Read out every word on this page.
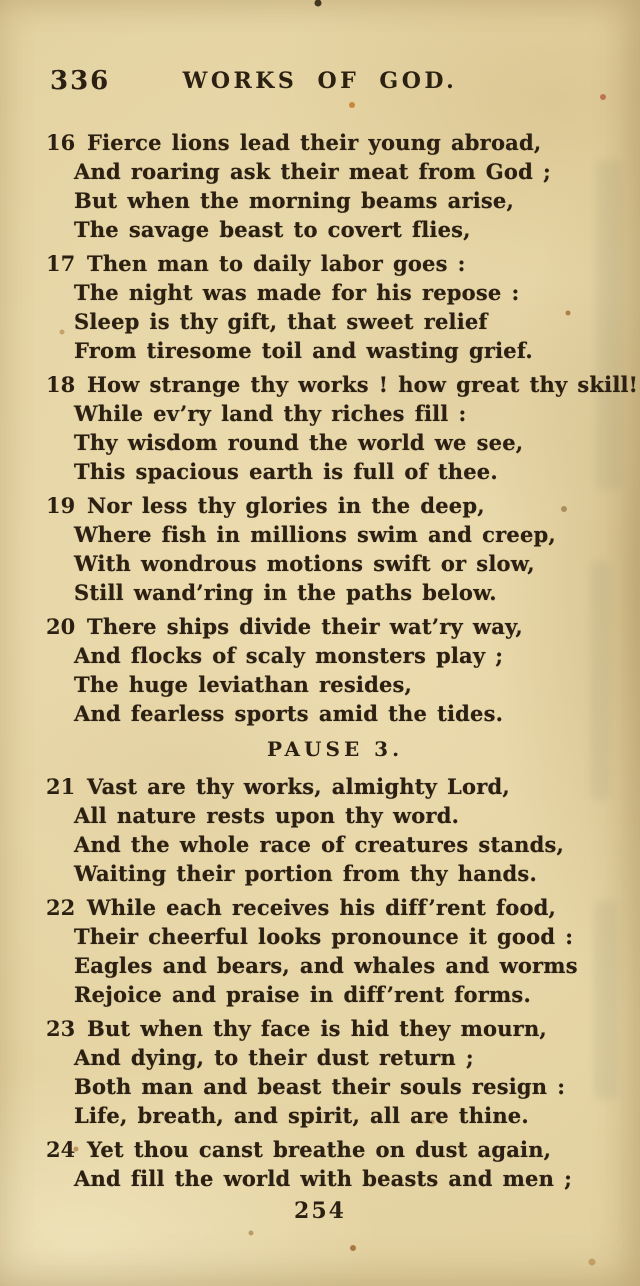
336	WORKS OF GOD.
16 Fierce lions lead their young abroad,
And roaring ask their meat from God ;
But when the morning beams arise,
The savage beast to covert flies,
17 Then man to daily labor goes :
The night was made for his repose :
Sleep is thy gift, that sweet relief
From tiresome toil and wasting grief.
18 How strange thy works ! how great thy skill!
While ev’ry land thy riches fill :
Thy wisdom round the world we see,
This spacious earth is full of thee.
19 Nor less thy glories in the deep,
Where fish in millions swim and creep,
With wondrous motions swift or slow,
Still wand’ring in the paths below.
20 There ships divide their wat’ry way,
And flocks of scaly monsters play ;
The huge leviathan resides,
And fearless sports amid the tides.
PAUSE 3.
21 Vast are thy works, almighty Lord,
All nature rests upon thy word.
And the whole race of creatures stands,
Waiting their portion from thy hands.
22 While each receives his diff’rent food,
Their cheerful looks pronounce it good :
Eagles and bears, and whales and worms
Rejoice and praise in diff’rent forms.
23 But when thy face is hid they mourn,
And dying, to their dust return ;
Both man and beast their souls resign :
Life, breath, and spirit, all are thine.
24 Yet thou canst breathe on dust again,
And fill the world with beasts and men ;
254
